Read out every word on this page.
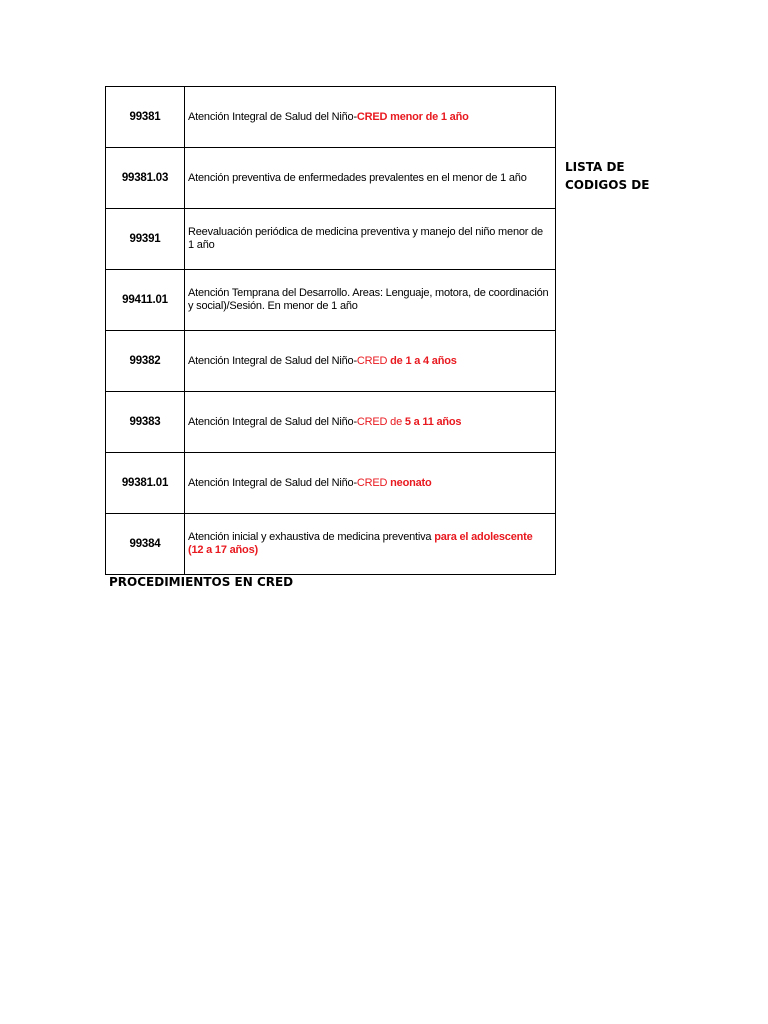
99381	Atención Integral de Salud del Niño-CRED menor de 1 año
99381.03	Atención preventiva de enfermedades prevalentes en el menor de 1 año
99391	Reevaluación periódica de medicina preventiva y manejo del niño menor de 1 año
99411.01	Atención Temprana del Desarrollo. Areas: Lenguaje, motora, de coordinación y social)/Sesión. En menor de 1 año
99382	Atención Integral de Salud del Niño-CRED de 1 a 4 años
99383	Atención Integral de Salud del Niño-CRED de 5 a 11 años
99381.01	Atención Integral de Salud del Niño-CRED neonato
99384	Atención inicial y exhaustiva de medicina preventiva para el adolescente (12 a 17 años)
LISTA DE
CODIGOS DE
PROCEDIMIENTOS EN CRED
